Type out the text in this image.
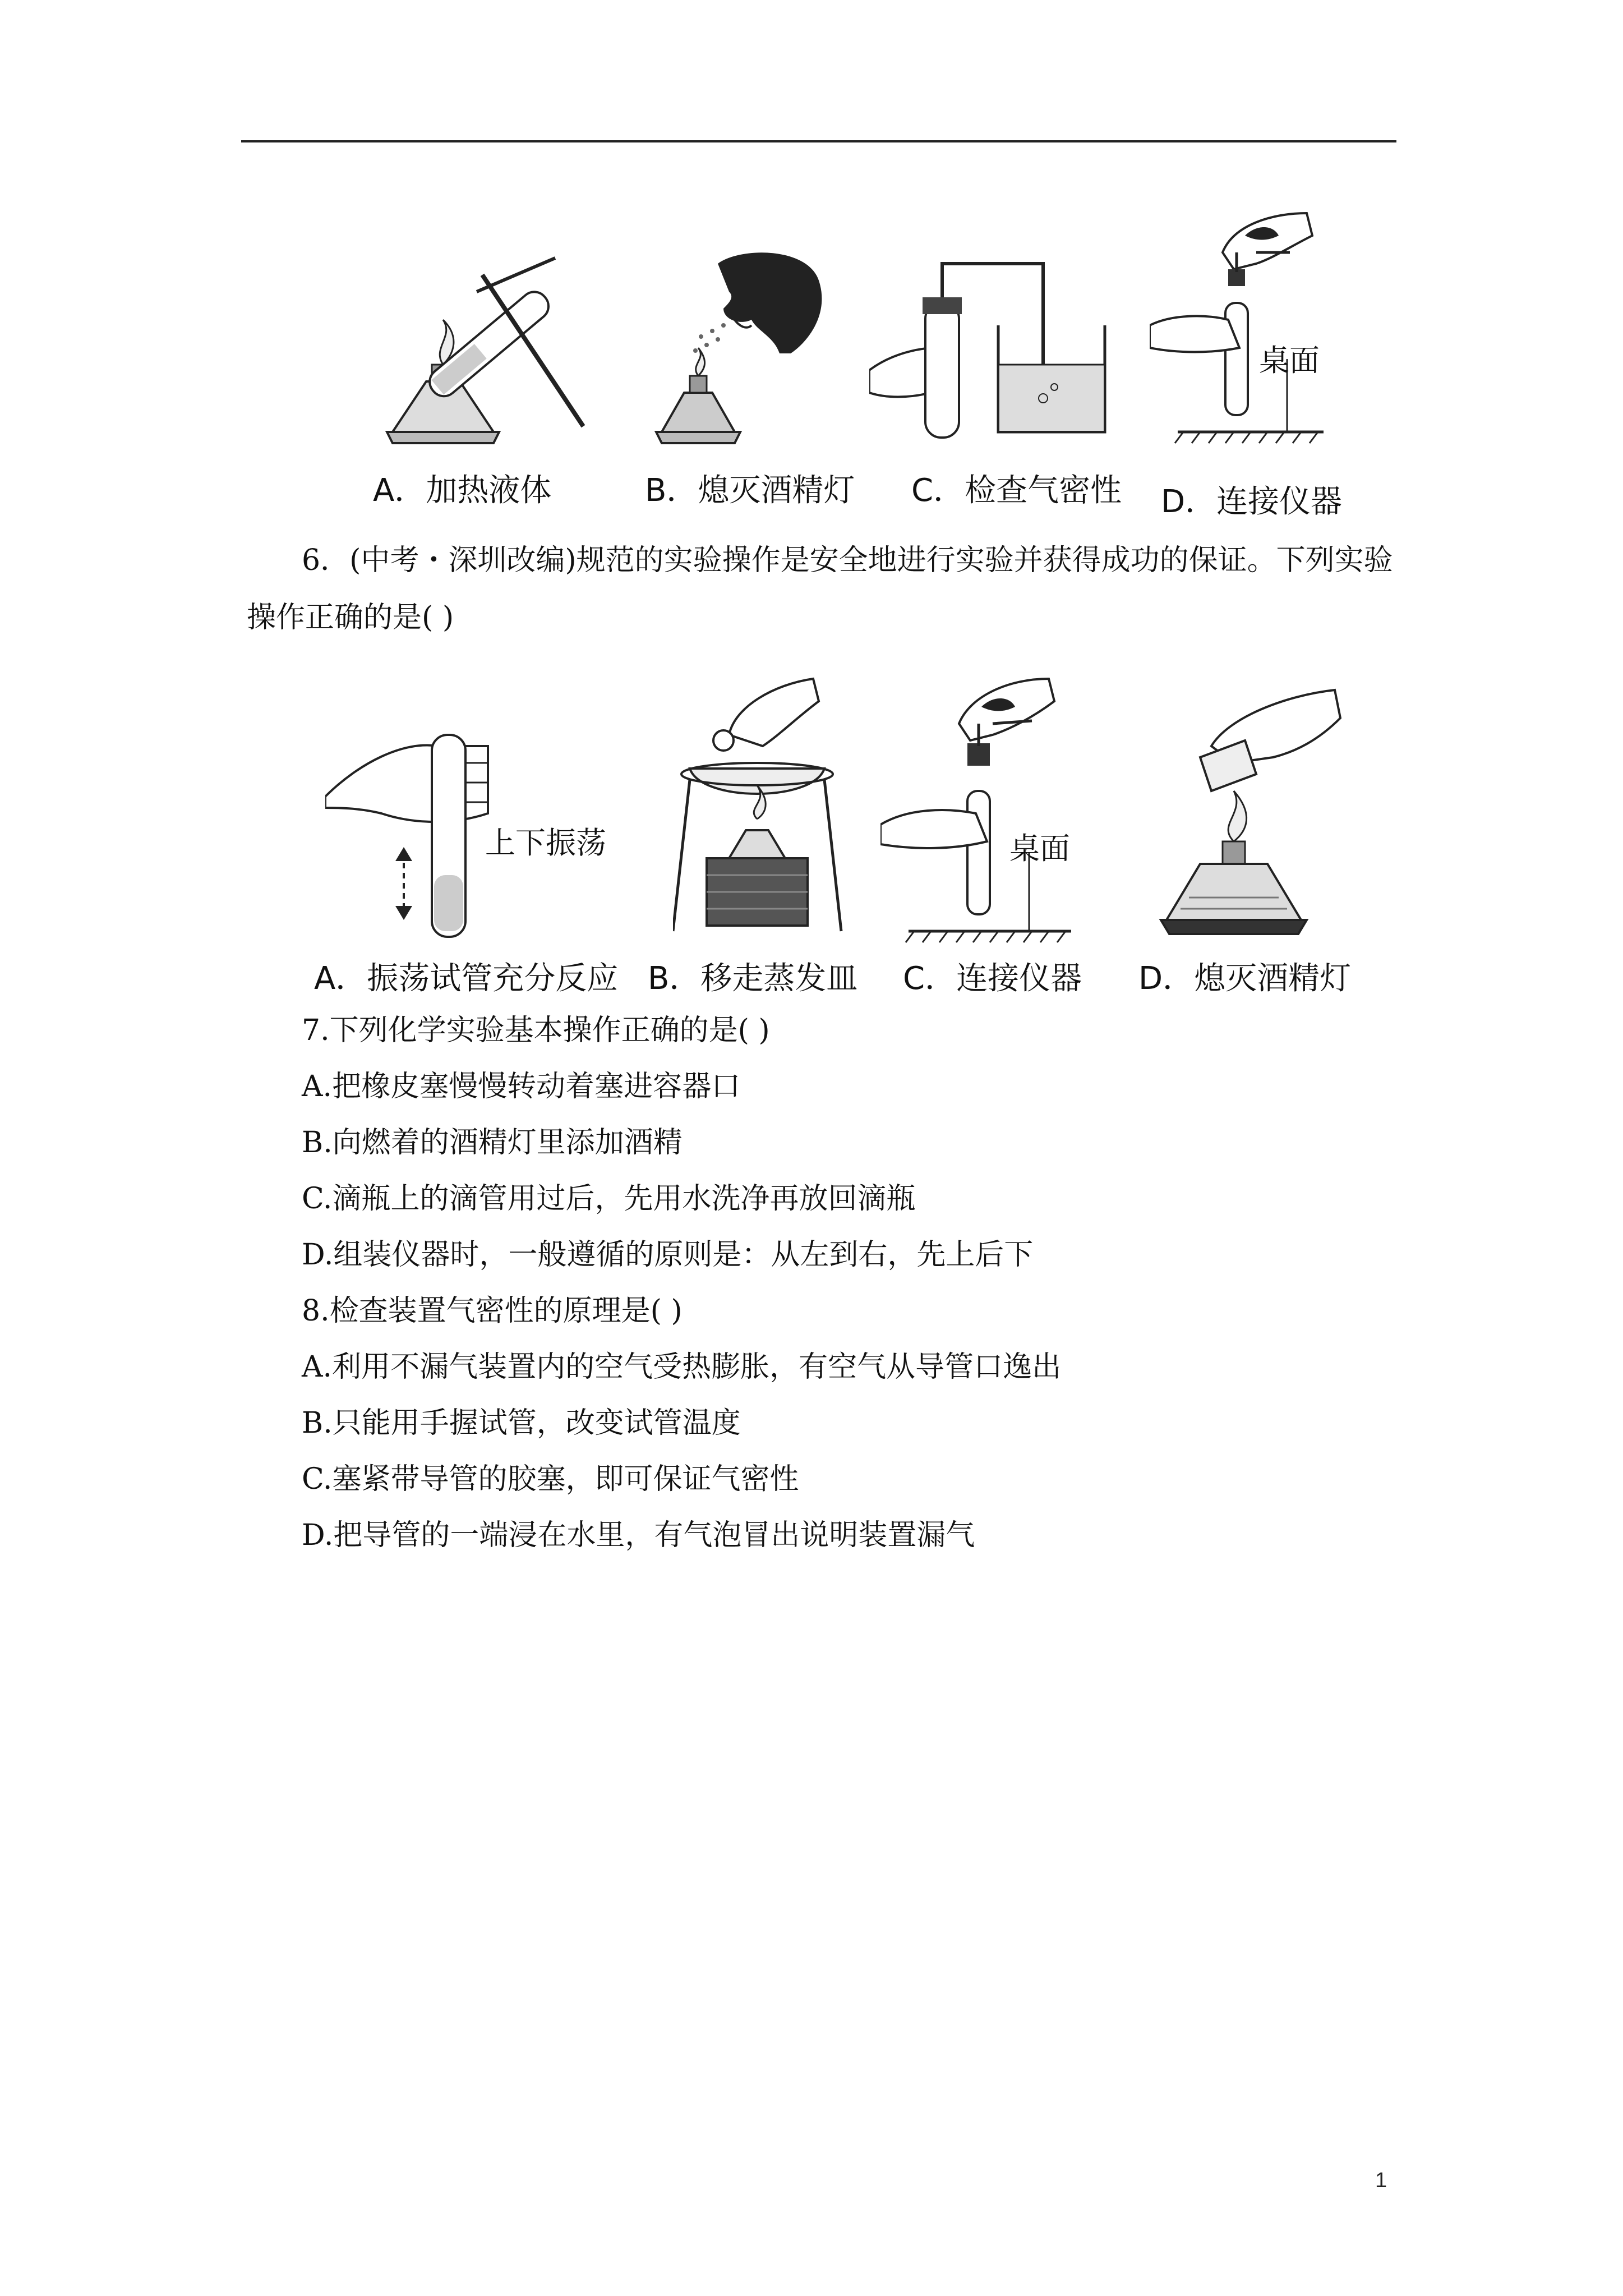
A．加热液体	B．熄灭酒精灯 C．检查气密性
桌面
D．连接仪器
6．(中考・深圳改编)规范的实验操作是安全地进行实验并获得成功的保证。下列实验
操作正确的是( )
上下振荡
A．振荡试管充分反应 B．移走蒸发皿
桌面
C．连接仪器 D．熄灭酒精灯
7.下列化学实验基本操作正确的是( )
A.把橡皮塞慢慢转动着塞进容器口
B.向燃着的酒精灯里添加酒精
C.滴瓶上的滴管用过后，先用水洗净再放回滴瓶
D.组装仪器时，一般遵循的原则是：从左到右，先上后下
8.检查装置气密性的原理是( )
A.利用不漏气装置内的空气受热膨胀，有空气从导管口逸出
B.只能用手握试管，改变试管温度
C.塞紧带导管的胶塞，即可保证气密性
D.把导管的一端浸在水里，有气泡冒出说明装置漏气
1
